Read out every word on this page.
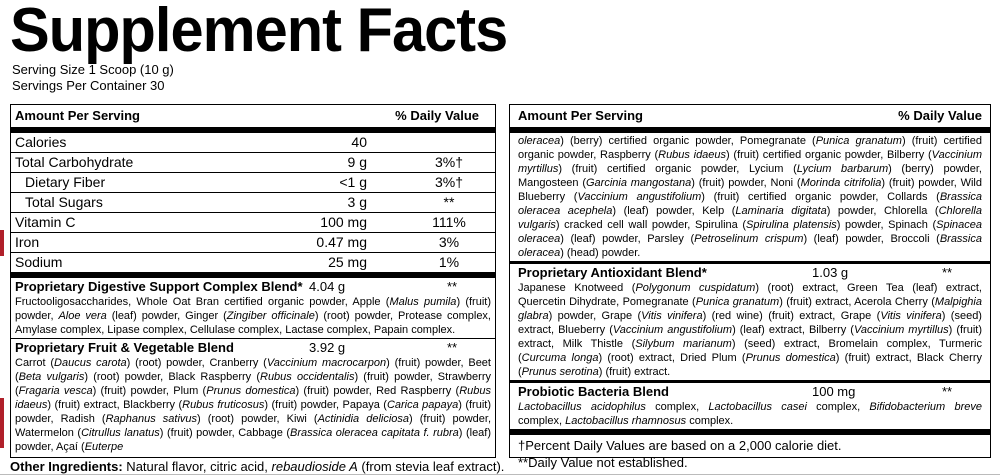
Supplement Facts
Serving Size 1 Scoop (10 g)
Servings Per Container 30
Amount Per Serving	% Daily Value
Calories	40
Total Carbohydrate	9 g	3%†
Dietary Fiber	<1 g	3%†
Total Sugars	3 g	**
Vitamin C	100 mg	111%
Iron	0.47 mg	3%
Sodium	25 mg	1%
Proprietary Digestive Support Complex Blend* 4.04 g	**
Fructooligosaccharides, Whole Oat Bran certified organic powder, Apple (Malus pumila) (fruit) powder, Aloe vera (leaf) powder, Ginger (Zingiber officinale) (root) powder, Protease complex, Amylase complex, Lipase complex, Cellulase complex, Lactase complex, Papain complex.
Proprietary Fruit & Vegetable Blend	3.92 g	**
Carrot (Daucus carota) (root) powder, Cranberry (Vaccinium macrocarpon) (fruit) powder, Beet (Beta vulgaris) (root) powder, Black Raspberry (Rubus occidentalis) (fruit) powder, Strawberry (Fragaria vesca) (fruit) powder, Plum (Prunus domestica) (fruit) powder, Red Raspberry (Rubus idaeus) (fruit) extract, Blackberry (Rubus fruticosus) (fruit) powder, Papaya (Carica papaya) (fruit) powder, Radish (Raphanus sativus) (root) powder, Kiwi (Actinidia deliciosa) (fruit) powder, Watermelon (Citrullus lanatus) (fruit) powder, Cabbage (Brassica oleracea capitata f. rubra) (leaf) powder, Açaí (Euterpe
Amount Per Serving	% Daily Value
oleracea) (berry) certified organic powder, Pomegranate (Punica granatum) (fruit) certified organic powder, Raspberry (Rubus idaeus) (fruit) certified organic powder, Bilberry (Vaccinium myrtillus) (fruit) certified organic powder, Lycium (Lycium barbarum) (berry) powder, Mangosteen (Garcinia mangostana) (fruit) powder, Noni (Morinda citrifolia) (fruit) powder, Wild Blueberry (Vaccinium angustifolium) (fruit) certified organic powder, Collards (Brassica oleracea acephela) (leaf) powder, Kelp (Laminaria digitata) powder, Chlorella (Chlorella vulgaris) cracked cell wall powder, Spirulina (Spirulina platensis) powder, Spinach (Spinacea oleracea) (leaf) powder, Parsley (Petroselinum crispum) (leaf) powder, Broccoli (Brassica oleracea) (head) powder.
Proprietary Antioxidant Blend*	1.03 g	**
Japanese Knotweed (Polygonum cuspidatum) (root) extract, Green Tea (leaf) extract, Quercetin Dihydrate, Pomegranate (Punica granatum) (fruit) extract, Acerola Cherry (Malpighia glabra) powder, Grape (Vitis vinifera) (red wine) (fruit) extract, Grape (Vitis vinifera) (seed) extract, Blueberry (Vaccinium angustifolium) (leaf) extract, Bilberry (Vaccinium myrtillus) (fruit) extract, Milk Thistle (Silybum marianum) (seed) extract, Bromelain complex, Turmeric (Curcuma longa) (root) extract, Dried Plum (Prunus domestica) (fruit) extract, Black Cherry (Prunus serotina) (fruit) extract.
Probiotic Bacteria Blend	100 mg	**
Lactobacillus acidophilus complex, Lactobacillus casei complex, Bifidobacterium breve complex, Lactobacillus rhamnosus complex.
†Percent Daily Values are based on a 2,000 calorie diet.
**Daily Value not established.
Other Ingredients: Natural flavor, citric acid, rebaudioside A (from stevia leaf extract).
